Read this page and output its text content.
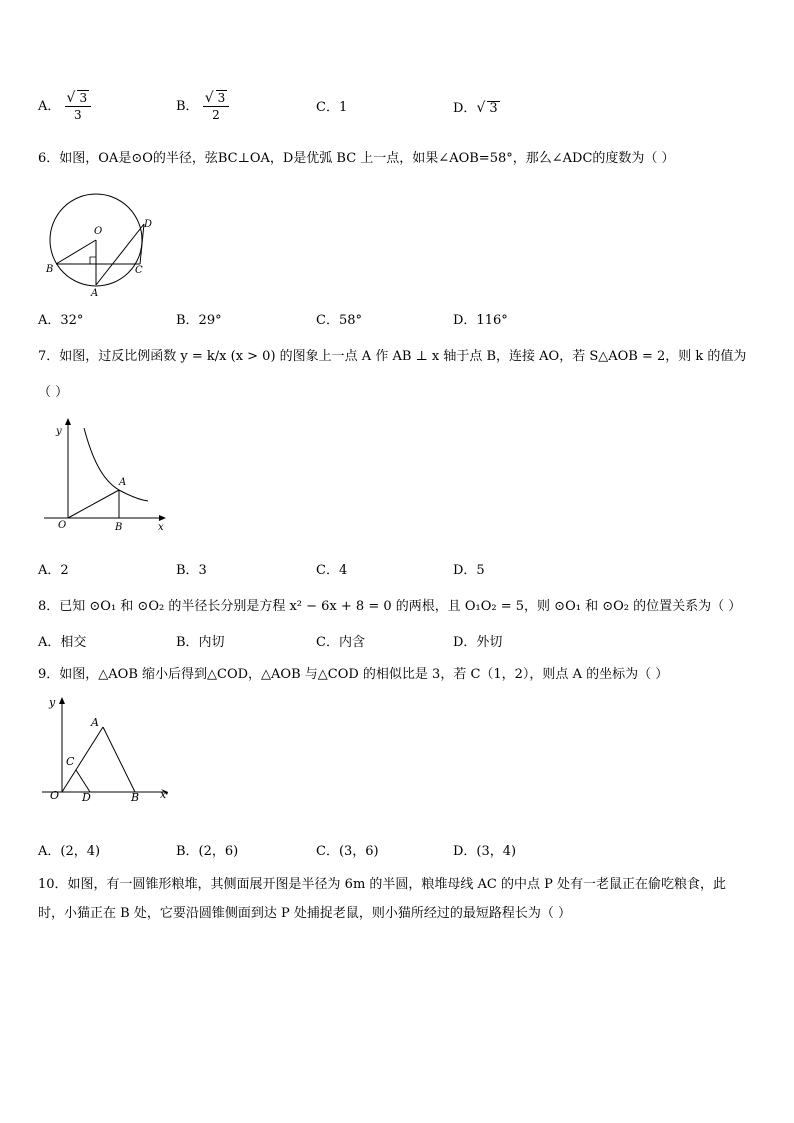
A． $\frac{√ 3}{3}$	B． $\frac{√ 3}{2}$	C．1	D．√ 3
6．如图，OA是⊙O的半径，弦BC⊥OA，D是优弧 BC 上一点，如果∠AOB=58°，那么∠ADC的度数为（ ）
O
D
B	C
A
A．32°	B．29°	C．58°	D．116°
7．如图，过反比例函数 y = k/x (x > 0) 的图象上一点 A 作 AB ⊥ x 轴于点 B，连接 AO，若 S△AOB = 2，则 k 的值为
（ ）
y
x
O
A
B
A．2	B．3	C．4	D．5
8．已知 ⊙O₁ 和 ⊙O₂ 的半径长分别是方程 x² − 6x + 8 = 0 的两根，且 O₁O₂ = 5，则 ⊙O₁ 和 ⊙O₂ 的位置关系为（ ）
A．相交	B．内切	C．内含	D．外切
9．如图，△AOB 缩小后得到△COD，△AOB 与△COD 的相似比是 3，若 C（1，2），则点 A 的坐标为（ ）
y
x
O
A
C
D	B
A．(2，4)	B．(2，6)	C．(3，6)	D．(3，4)
10．如图，有一圆锥形粮堆，其侧面展开图是半径为 6m 的半圆，粮堆母线 AC 的中点 P 处有一老鼠正在偷吃粮食，此
时，小猫正在 B 处，它要沿圆锥侧面到达 P 处捕捉老鼠，则小猫所经过的最短路程长为（ ）
